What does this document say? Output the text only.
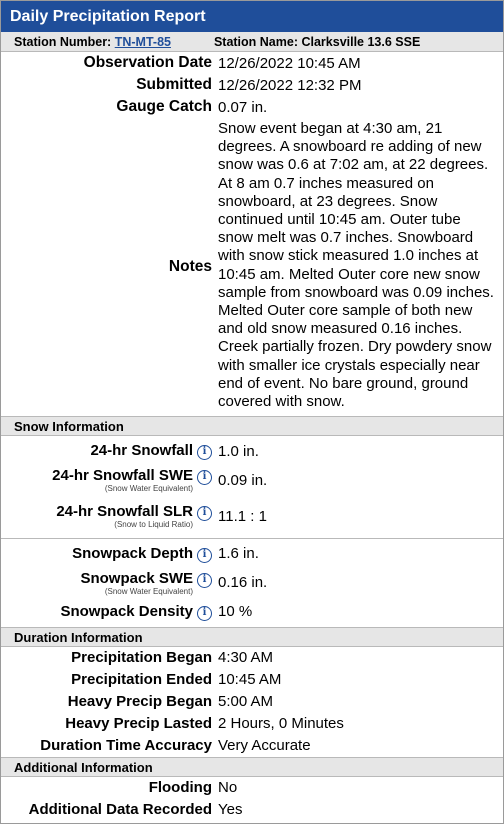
Daily Precipitation Report
Station Number: TN-MT-85	Station Name: Clarksville 13.6 SSE
Observation Date	12/26/2022 10:45 AM
Submitted	12/26/2022 12:32 PM
Gauge Catch	0.07 in.
Notes	Snow event began at 4:30 am, 21 degrees. A snowboard re adding of new snow was 0.6 at 7:02 am, at 22 degrees. At 8 am 0.7 inches measured on snowboard, at 23 degrees. Snow continued until 10:45 am. Outer tube snow melt was 0.7 inches. Snowboard with snow stick measured 1.0 inches at 10:45 am. Melted Outer core new snow sample from snowboard was 0.09 inches. Melted Outer core sample of both new and old snow measured 0.16 inches. Creek partially frozen. Dry powdery snow with smaller ice crystals especially near end of event. No bare ground, ground covered with snow.
Snow Information

24-hr Snowfall i	1.0 in.
24-hr Snowfall SWE i
(Snow Water Equivalent)	0.09 in.
24-hr Snowfall SLR i
(Snow to Liquid Ratio)	11.1 : 1

Snowpack Depth i	1.6 in.
Snowpack SWE i
(Snow Water Equivalent)	0.16 in.
Snowpack Density i	10 %

Duration Information
Precipitation Began	4:30 AM
Precipitation Ended	10:45 AM
Heavy Precip Began	5:00 AM
Heavy Precip Lasted	2 Hours, 0 Minutes
Duration Time Accuracy	Very Accurate
Additional Information
Flooding	No
Additional Data Recorded	Yes
